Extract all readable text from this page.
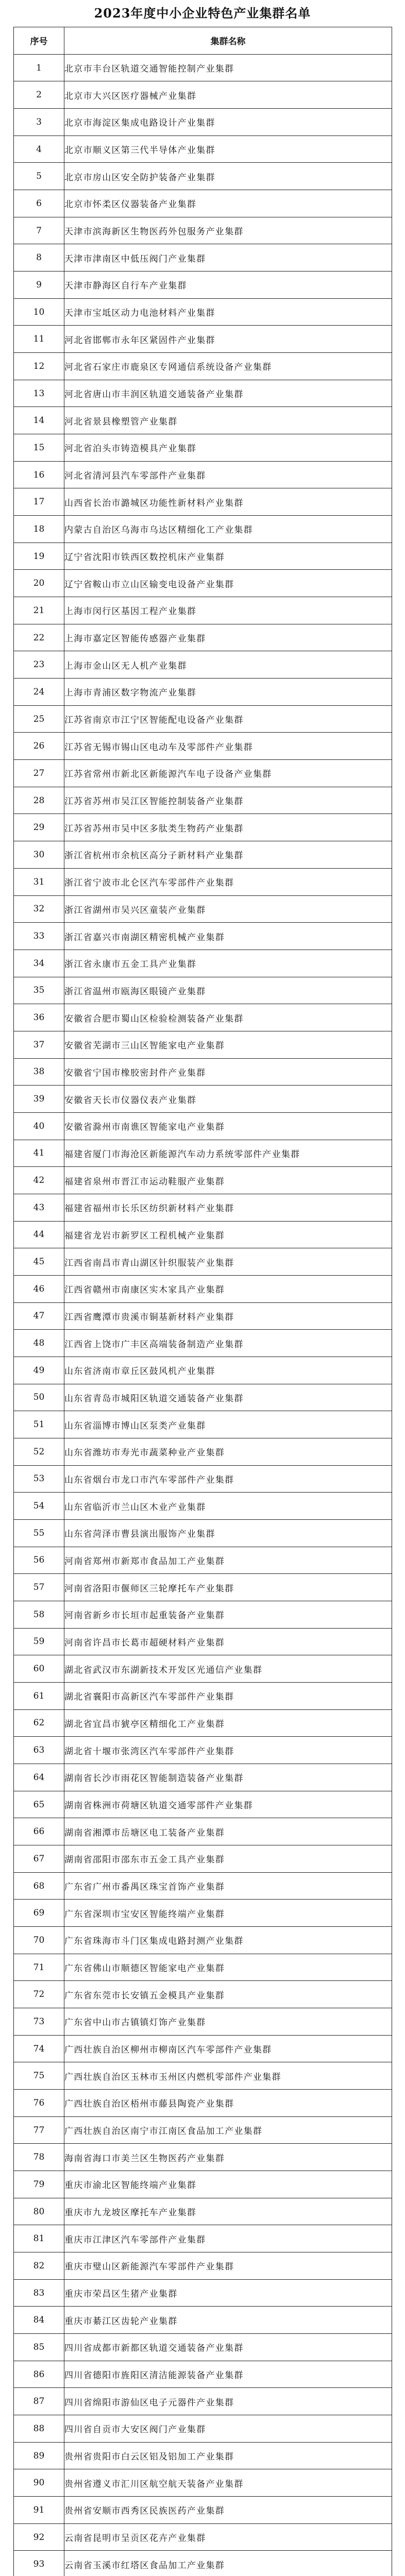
2023年度中小企业特色产业集群名单
序号	集群名称
1	北京市丰台区轨道交通智能控制产业集群
2	北京市大兴区医疗器械产业集群
3	北京市海淀区集成电路设计产业集群
4	北京市顺义区第三代半导体产业集群
5	北京市房山区安全防护装备产业集群
6	北京市怀柔区仪器装备产业集群
7	天津市滨海新区生物医药外包服务产业集群
8	天津市津南区中低压阀门产业集群
9	天津市静海区自行车产业集群
10	天津市宝坻区动力电池材料产业集群
11	河北省邯郸市永年区紧固件产业集群
12	河北省石家庄市鹿泉区专网通信系统设备产业集群
13	河北省唐山市丰润区轨道交通装备产业集群
14	河北省景县橡塑管产业集群
15	河北省泊头市铸造模具产业集群
16	河北省清河县汽车零部件产业集群
17	山西省长治市潞城区功能性新材料产业集群
18	内蒙古自治区乌海市乌达区精细化工产业集群
19	辽宁省沈阳市铁西区数控机床产业集群
20	辽宁省鞍山市立山区输变电设备产业集群
21	上海市闵行区基因工程产业集群
22	上海市嘉定区智能传感器产业集群
23	上海市金山区无人机产业集群
24	上海市青浦区数字物流产业集群
25	江苏省南京市江宁区智能配电设备产业集群
26	江苏省无锡市锡山区电动车及零部件产业集群
27	江苏省常州市新北区新能源汽车电子设备产业集群
28	江苏省苏州市吴江区智能控制装备产业集群
29	江苏省苏州市吴中区多肽类生物药产业集群
30	浙江省杭州市余杭区高分子新材料产业集群
31	浙江省宁波市北仑区汽车零部件产业集群
32	浙江省湖州市吴兴区童装产业集群
33	浙江省嘉兴市南湖区精密机械产业集群
34	浙江省永康市五金工具产业集群
35	浙江省温州市瓯海区眼镜产业集群
36	安徽省合肥市蜀山区检验检测装备产业集群
37	安徽省芜湖市三山区智能家电产业集群
38	安徽省宁国市橡胶密封件产业集群
39	安徽省天长市仪器仪表产业集群
40	安徽省滁州市南谯区智能家电产业集群
41	福建省厦门市海沧区新能源汽车动力系统零部件产业集群
42	福建省泉州市晋江市运动鞋服产业集群
43	福建省福州市长乐区纺织新材料产业集群
44	福建省龙岩市新罗区工程机械产业集群
45	江西省南昌市青山湖区针织服装产业集群
46	江西省赣州市南康区实木家具产业集群
47	江西省鹰潭市贵溪市铜基新材料产业集群
48	江西省上饶市广丰区高端装备制造产业集群
49	山东省济南市章丘区鼓风机产业集群
50	山东省青岛市城阳区轨道交通装备产业集群
51	山东省淄博市博山区泵类产业集群
52	山东省潍坊市寿光市蔬菜种业产业集群
53	山东省烟台市龙口市汽车零部件产业集群
54	山东省临沂市兰山区木业产业集群
55	山东省菏泽市曹县演出服饰产业集群
56	河南省郑州市新郑市食品加工产业集群
57	河南省洛阳市偃师区三轮摩托车产业集群
58	河南省新乡市长垣市起重装备产业集群
59	河南省许昌市长葛市超硬材料产业集群
60	湖北省武汉市东湖新技术开发区光通信产业集群
61	湖北省襄阳市高新区汽车零部件产业集群
62	湖北省宜昌市猇亭区精细化工产业集群
63	湖北省十堰市张湾区汽车零部件产业集群
64	湖南省长沙市雨花区智能制造装备产业集群
65	湖南省株洲市荷塘区轨道交通零部件产业集群
66	湖南省湘潭市岳塘区电工装备产业集群
67	湖南省邵阳市邵东市五金工具产业集群
68	广东省广州市番禺区珠宝首饰产业集群
69	广东省深圳市宝安区智能终端产业集群
70	广东省珠海市斗门区集成电路封测产业集群
71	广东省佛山市顺德区智能家电产业集群
72	广东省东莞市长安镇五金模具产业集群
73	广东省中山市古镇镇灯饰产业集群
74	广西壮族自治区柳州市柳南区汽车零部件产业集群
75	广西壮族自治区玉林市玉州区内燃机零部件产业集群
76	广西壮族自治区梧州市藤县陶瓷产业集群
77	广西壮族自治区南宁市江南区食品加工产业集群
78	海南省海口市美兰区生物医药产业集群
79	重庆市渝北区智能终端产业集群
80	重庆市九龙坡区摩托车产业集群
81	重庆市江津区汽车零部件产业集群
82	重庆市璧山区新能源汽车零部件产业集群
83	重庆市荣昌区生猪产业集群
84	重庆市綦江区齿轮产业集群
85	四川省成都市新都区轨道交通装备产业集群
86	四川省德阳市旌阳区清洁能源装备产业集群
87	四川省绵阳市游仙区电子元器件产业集群
88	四川省自贡市大安区阀门产业集群
89	贵州省贵阳市白云区铝及铝加工产业集群
90	贵州省遵义市汇川区航空航天装备产业集群
91	贵州省安顺市西秀区民族医药产业集群
92	云南省昆明市呈贡区花卉产业集群
93	云南省玉溪市红塔区食品加工产业集群
